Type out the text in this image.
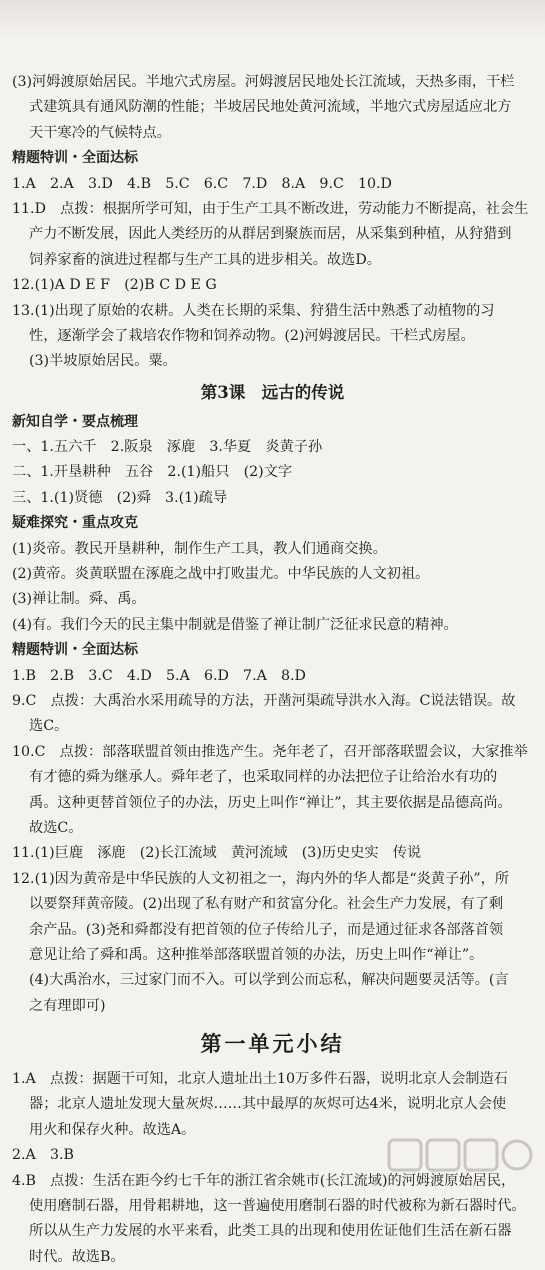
(3)河姆渡原始居民。半地穴式房屋。河姆渡居民地处长江流域，天热多雨，干栏
式建筑具有通风防潮的性能；半坡居民地处黄河流域，半地穴式房屋适应北方
天干寒冷的气候特点。
精题特训・全面达标
1.A　2.A　3.D　4.B　5.C　6.C　7.D　8.A　9.C　10.D
11.D　点拨：根据所学可知，由于生产工具不断改进，劳动能力不断提高，社会生
产力不断发展，因此人类经历的从群居到聚族而居，从采集到种植，从狩猎到
饲养家畜的演进过程都与生产工具的进步相关。故选D。
12.(1)A D E F　(2)B C D E G
13.(1)出现了原始的农耕。人类在长期的采集、狩猎生活中熟悉了动植物的习
性，逐渐学会了栽培农作物和饲养动物。(2)河姆渡居民。干栏式房屋。
(3)半坡原始居民。粟。
第3课　远古的传说
新知自学・要点梳理
一、1.五六千　2.阪泉　涿鹿　3.华夏　炎黄子孙
二、1.开垦耕种　五谷　2.(1)船只　(2)文字
三、1.(1)贤德　(2)舜　3.(1)疏导
疑难探究・重点攻克
(1)炎帝。教民开垦耕种，制作生产工具，教人们通商交换。
(2)黄帝。炎黄联盟在涿鹿之战中打败蚩尤。中华民族的人文初祖。
(3)禅让制。舜、禹。
(4)有。我们今天的民主集中制就是借鉴了禅让制广泛征求民意的精神。
精题特训・全面达标
1.B　2.B　3.C　4.D　5.A　6.D　7.A　8.D
9.C　点拨：大禹治水采用疏导的方法，开凿河渠疏导洪水入海。C说法错误。故
选C。
10.C　点拨：部落联盟首领由推选产生。尧年老了，召开部落联盟会议，大家推举
有才德的舜为继承人。舜年老了，也采取同样的办法把位子让给治水有功的
禹。这种更替首领位子的办法，历史上叫作“禅让”，其主要依据是品德高尚。
故选C。
11.(1)巨鹿　涿鹿　(2)长江流域　黄河流域　(3)历史史实　传说
12.(1)因为黄帝是中华民族的人文初祖之一，海内外的华人都是“炎黄子孙”，所
以要祭拜黄帝陵。(2)出现了私有财产和贫富分化。社会生产力发展，有了剩
余产品。(3)尧和舜都没有把首领的位子传给儿子，而是通过征求各部落首领
意见让给了舜和禹。这种推举部落联盟首领的办法，历史上叫作“禅让”。
(4)大禹治水，三过家门而不入。可以学到公而忘私，解决问题要灵活等。(言
之有理即可)
第一单元小结
1.A　点拨：据题干可知，北京人遗址出土10万多件石器，说明北京人会制造石
器；北京人遗址发现大量灰烬……其中最厚的灰烬可达4米，说明北京人会使
用火和保存火种。故选A。
2.A　3.B
4.B　点拨：生活在距今约七千年的浙江省余姚市(长江流域)的河姆渡原始居民，
使用磨制石器，用骨耜耕地，这一普遍使用磨制石器的时代被称为新石器时代。
所以从生产力发展的水平来看，此类工具的出现和使用佐证他们生活在新石器
时代。故选B。
